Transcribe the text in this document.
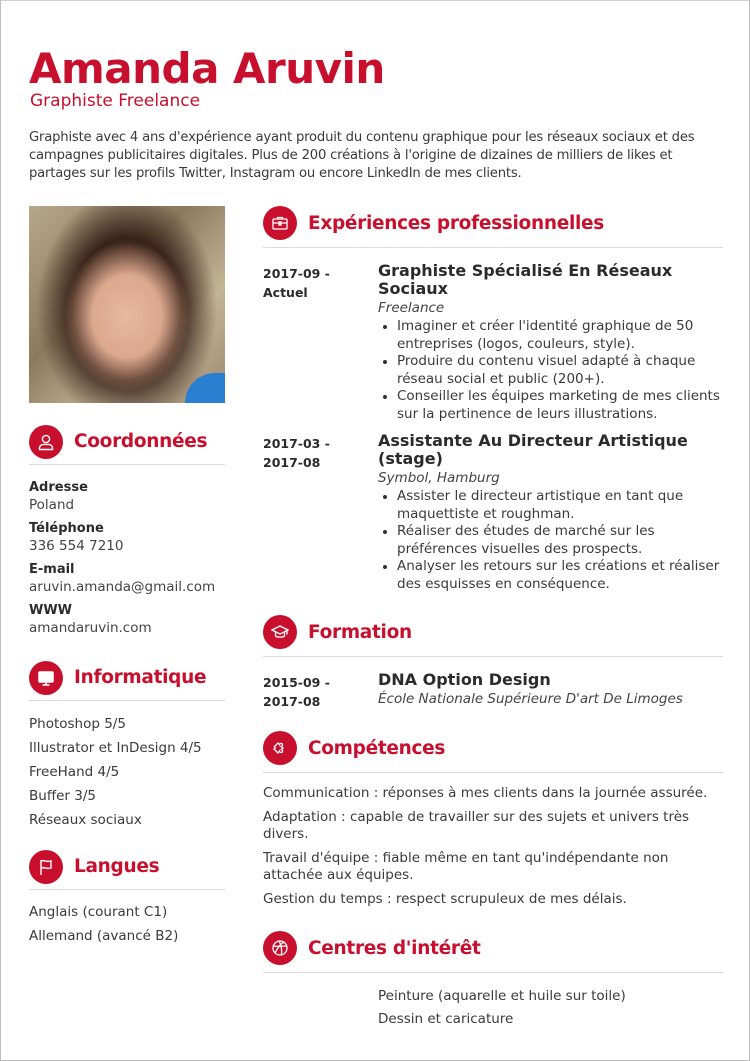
Amanda Aruvin
Graphiste Freelance
Graphiste avec 4 ans d'expérience ayant produit du contenu graphique pour les réseaux sociaux et des campagnes publicitaires digitales. Plus de 200 créations à l'origine de dizaines de milliers de likes et partages sur les profils Twitter, Instagram ou encore LinkedIn de mes clients.
Coordonnées
Adresse
Poland
Téléphone
336 554 7210
E-mail
aruvin.amanda@gmail.com
WWW
amandaruvin.com
Informatique
Photoshop 5/5
Illustrator et InDesign 4/5
FreeHand 4/5
Buffer 3/5
Réseaux sociaux
Langues
Anglais (courant C1)
Allemand (avancé B2)
Expériences professionnelles
2017-09 - Actuel
Graphiste Spécialisé En Réseaux Sociaux
Freelance
Imaginer et créer l'identité graphique de 50 entreprises (logos, couleurs, style).
Produire du contenu visuel adapté à chaque réseau social et public (200+).
Conseiller les équipes marketing de mes clients sur la pertinence de leurs illustrations.
2017-03 - 2017-08
Assistante Au Directeur Artistique (stage)
Symbol, Hamburg
Assister le directeur artistique en tant que maquettiste et roughman.
Réaliser des études de marché sur les préférences visuelles des prospects.
Analyser les retours sur les créations et réaliser des esquisses en conséquence.
Formation
2015-09 - 2017-08
DNA Option Design
École Nationale Supérieure D'art De Limoges
Compétences
Communication : réponses à mes clients dans la journée assurée.
Adaptation : capable de travailler sur des sujets et univers très divers.
Travail d'équipe : fiable même en tant qu'indépendante non attachée aux équipes.
Gestion du temps : respect scrupuleux de mes délais.
Centres d'intérêt
Peinture (aquarelle et huile sur toile)
Dessin et caricature
